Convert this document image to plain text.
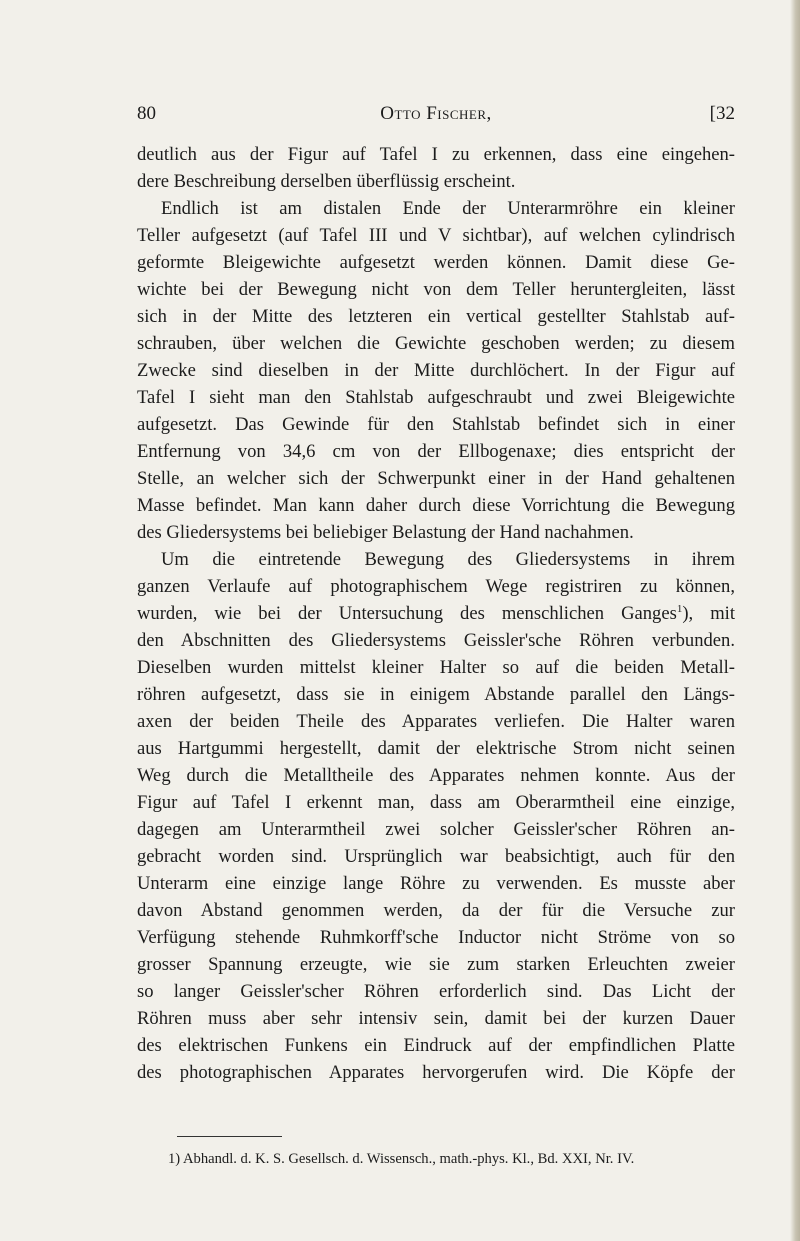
80	Otto Fischer,	[32
deutlich aus der Figur auf Tafel I zu erkennen, dass eine eingehen-
dere Beschreibung derselben überflüssig erscheint.
Endlich ist am distalen Ende der Unterarmröhre ein kleiner
Teller aufgesetzt (auf Tafel III und V sichtbar), auf welchen cylindrisch
geformte Bleigewichte aufgesetzt werden können. Damit diese Ge-
wichte bei der Bewegung nicht von dem Teller heruntergleiten, lässt
sich in der Mitte des letzteren ein vertical gestellter Stahlstab auf-
schrauben, über welchen die Gewichte geschoben werden; zu diesem
Zwecke sind dieselben in der Mitte durchlöchert. In der Figur auf
Tafel I sieht man den Stahlstab aufgeschraubt und zwei Bleigewichte
aufgesetzt. Das Gewinde für den Stahlstab befindet sich in einer
Entfernung von 34,6 cm von der Ellbogenaxe; dies entspricht der
Stelle, an welcher sich der Schwerpunkt einer in der Hand gehaltenen
Masse befindet. Man kann daher durch diese Vorrichtung die Bewegung
des Gliedersystems bei beliebiger Belastung der Hand nachahmen.
Um die eintretende Bewegung des Gliedersystems in ihrem
ganzen Verlaufe auf photographischem Wege registriren zu können,
wurden, wie bei der Untersuchung des menschlichen Ganges$^1$), mit
den Abschnitten des Gliedersystems Geissler'sche Röhren verbunden.
Dieselben wurden mittelst kleiner Halter so auf die beiden Metall-
röhren aufgesetzt, dass sie in einigem Abstande parallel den Längs-
axen der beiden Theile des Apparates verliefen. Die Halter waren
aus Hartgummi hergestellt, damit der elektrische Strom nicht seinen
Weg durch die Metalltheile des Apparates nehmen konnte. Aus der
Figur auf Tafel I erkennt man, dass am Oberarmtheil eine einzige,
dagegen am Unterarmtheil zwei solcher Geissler'scher Röhren an-
gebracht worden sind. Ursprünglich war beabsichtigt, auch für den
Unterarm eine einzige lange Röhre zu verwenden. Es musste aber
davon Abstand genommen werden, da der für die Versuche zur
Verfügung stehende Ruhmkorff'sche Inductor nicht Ströme von so
grosser Spannung erzeugte, wie sie zum starken Erleuchten zweier
so langer Geissler'scher Röhren erforderlich sind. Das Licht der
Röhren muss aber sehr intensiv sein, damit bei der kurzen Dauer
des elektrischen Funkens ein Eindruck auf der empfindlichen Platte
des photographischen Apparates hervorgerufen wird. Die Köpfe der
1) Abhandl. d. K. S. Gesellsch. d. Wissensch., math.-phys. Kl., Bd. XXI, Nr. IV.
